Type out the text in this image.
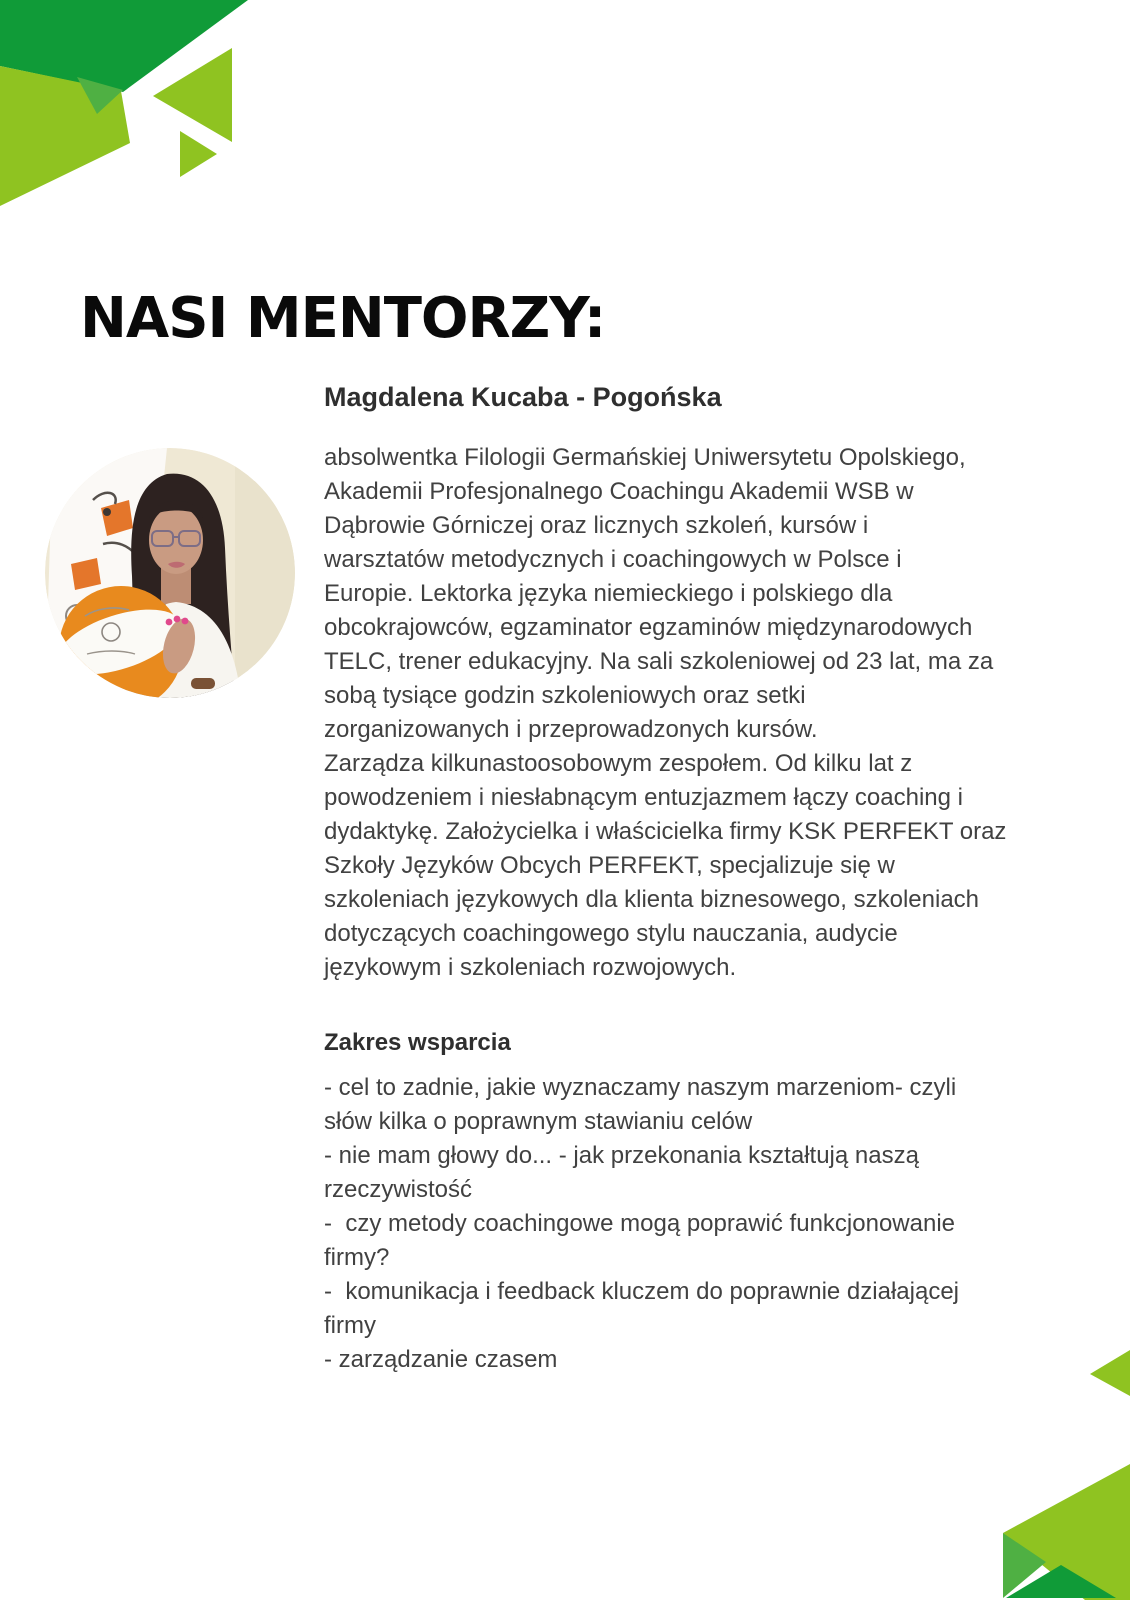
NASI MENTORZY:
Magdalena Kucaba - Pogońska
absolwentka Filologii Germańskiej Uniwersytetu Opolskiego,
Akademii Profesjonalnego Coachingu Akademii WSB w
Dąbrowie Górniczej oraz licznych szkoleń, kursów i
warsztatów metodycznych i coachingowych w Polsce i
Europie. Lektorka języka niemieckiego i polskiego dla
obcokrajowców, egzaminator egzaminów międzynarodowych
TELC, trener edukacyjny. Na sali szkoleniowej od 23 lat, ma za
sobą tysiące godzin szkoleniowych oraz setki
zorganizowanych i przeprowadzonych kursów.
Zarządza kilkunastoosobowym zespołem. Od kilku lat z
powodzeniem i niesłabnącym entuzjazmem łączy coaching i
dydaktykę. Założycielka i właścicielka firmy KSK PERFEKT oraz
Szkoły Języków Obcych PERFEKT, specjalizuje się w
szkoleniach językowych dla klienta biznesowego, szkoleniach
dotyczących coachingowego stylu nauczania, audycie
językowym i szkoleniach rozwojowych.
Zakres wsparcia
- cel to zadnie, jakie wyznaczamy naszym marzeniom- czyli
słów kilka o poprawnym stawianiu celów
- nie mam głowy do... - jak przekonania kształtują naszą
rzeczywistość
-  czy metody coachingowe mogą poprawić funkcjonowanie
firmy?
-  komunikacja i feedback kluczem do poprawnie działającej
firmy
- zarządzanie czasem
